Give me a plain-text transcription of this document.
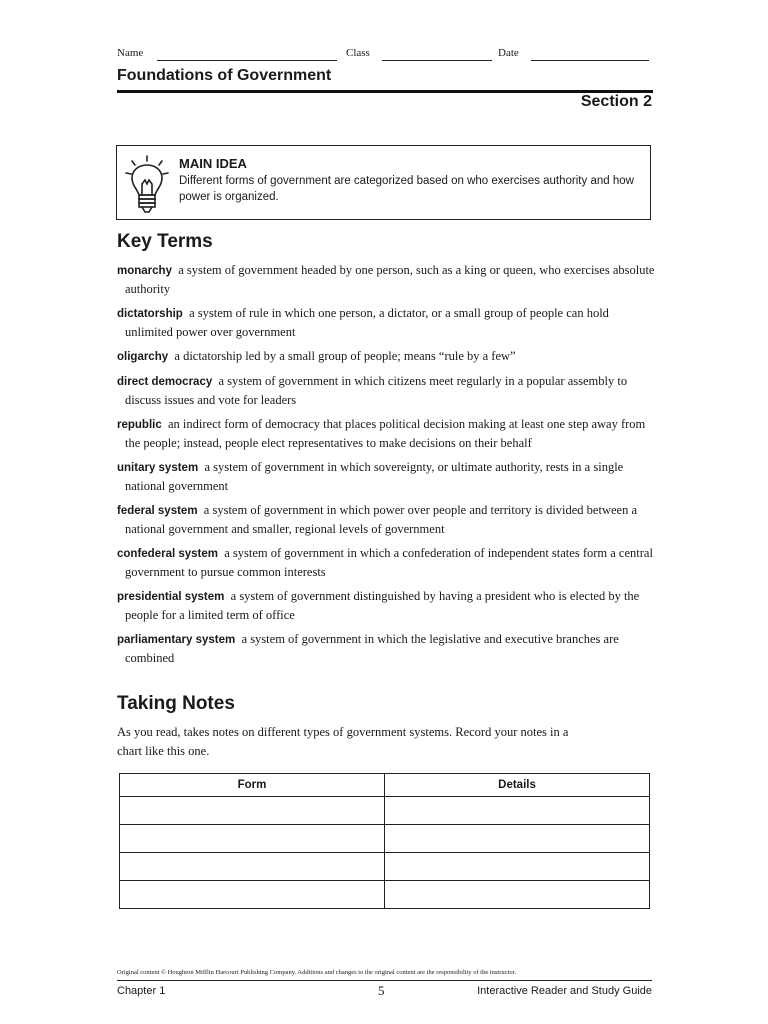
Name	Class	Date
Foundations of Government
Section 2
MAIN IDEA
Different forms of government are categorized based on who exercises authority and how power is organized.
Key Terms
monarchy a system of government headed by one person, such as a king or queen, who exercises absolute authority
dictatorship a system of rule in which one person, a dictator, or a small group of people can hold unlimited power over government
oligarchy a dictatorship led by a small group of people; means “rule by a few”
direct democracy a system of government in which citizens meet regularly in a popular assembly to discuss issues and vote for leaders
republic an indirect form of democracy that places political decision making at least one step away from the people; instead, people elect representatives to make decisions on their behalf
unitary system a system of government in which sovereignty, or ultimate authority, rests in a single national government
federal system a system of government in which power over people and territory is divided between a national government and smaller, regional levels of government
confederal system a system of government in which a confederation of independent states form a central government to pursue common interests
presidential system a system of government distinguished by having a president who is elected by the people for a limited term of office
parliamentary system a system of government in which the legislative and executive branches are combined
Taking Notes
As you read, takes notes on different types of government systems. Record your notes in a chart like this one.
Form	Details

Original content © Houghton Mifflin Harcourt Publishing Company. Additions and changes to the original content are the responsibility of the instructor.
Chapter 1	5	Interactive Reader and Study Guide
